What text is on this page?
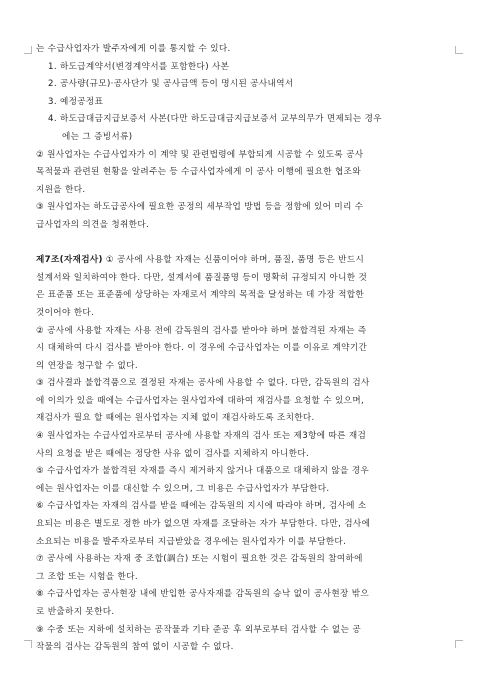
는 수급사업자가 발주자에게 이를 통지할 수 있다.

1. 하도급계약서(변경계약서를 포함한다) 사본

2. 공사량(규모)·공사단가 및 공사금액 등이 명시된 공사내역서

3. 예정공정표

4. 하도급대금지급보증서 사본(다만 하도급대금지급보증서 교부의무가 면제되는 경우

에는 그 증빙서류)

② 원사업자는 수급사업자가 이 계약 및 관련법령에 부합되게 시공할 수 있도록 공사

목적물과 관련된 현황을 알려주는 등 수급사업자에게 이 공사 이행에 필요한 협조와

지원을 한다.

③ 원사업자는 하도급공사에 필요한 공정의 세부작업 방법 등을 정함에 있어 미리 수

급사업자의 의견을 청취한다.

제7조(자재검사) ① 공사에 사용할 자재는 신품이어야 하며, 품질, 품명 등은 반드시

설계서와 일치하여야 한다. 다만, 설계서에 품질품명 등이 명확히 규정되지 아니한 것

은 표준품 또는 표준품에 상당하는 자재로서 계약의 목적을 달성하는 데 가장 적합한

것이어야 한다.

② 공사에 사용할 자재는 사용 전에 감독원의 검사를 받아야 하며 불합격된 자재는 즉

시 대체하여 다시 검사를 받아야 한다. 이 경우에 수급사업자는 이를 이유로 계약기간

의 연장을 청구할 수 없다.

③ 검사결과 불합격품으로 결정된 자재는 공사에 사용할 수 없다. 다만, 감독원의 검사

에 이의가 있을 때에는 수급사업자는 원사업자에 대하여 재검사를 요청할 수 있으며,

재검사가 필요 할 때에는 원사업자는 지체 없이 재검사하도록 조치한다.

④ 원사업자는 수급사업자로부터 공사에 사용할 자재의 검사 또는 제3항에 따른 재검

사의 요청을 받은 때에는 정당한 사유 없이 검사를 지체하지 아니한다.

⑤ 수급사업자가 불합격된 자재를 즉시 제거하지 않거나 대품으로 대체하지 않을 경우

에는 원사업자는 이를 대신할 수 있으며, 그 비용은 수급사업자가 부담한다.

⑥ 수급사업자는 자재의 검사를 받을 때에는 감독원의 지시에 따라야 하며, 검사에 소

요되는 비용은 별도로 정한 바가 없으면 자재를 조달하는 자가 부담한다. 다만, 검사에

소요되는 비용을 발주자로부터 지급받았을 경우에는 원사업자가 이를 부담한다.

⑦ 공사에 사용하는 자재 중 조합(調合) 또는 시험이 필요한 것은 감독원의 참여하에

그 조합 또는 시험을 한다.

⑧ 수급사업자는 공사현장 내에 반입한 공사자재를 감독원의 승낙 없이 공사현장 밖으

로 반출하지 못한다.

⑨ 수중 또는 지하에 설치하는 공작물과 기타 준공 후 외부로부터 검사할 수 없는 공

작물의 검사는 감독원의 참여 없이 시공할 수 없다.
